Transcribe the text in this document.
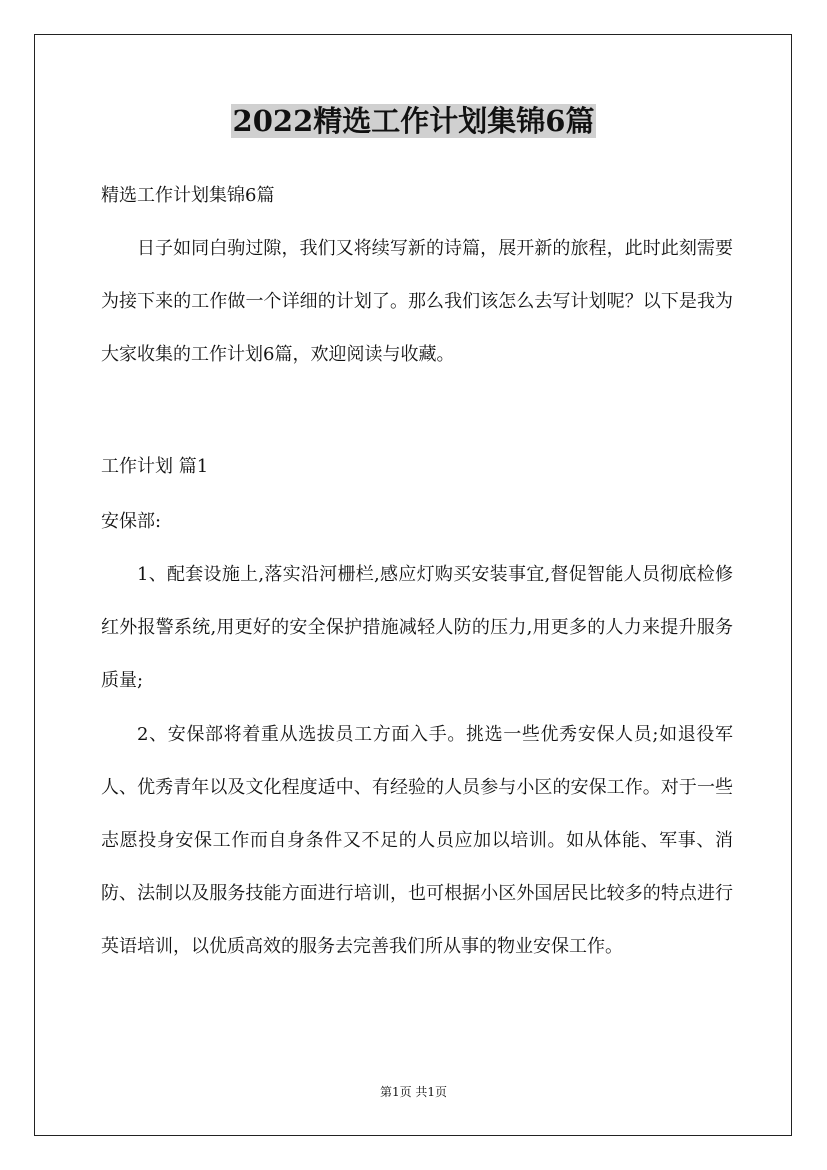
2022精选工作计划集锦6篇
精选工作计划集锦6篇
日子如同白驹过隙，我们又将续写新的诗篇，展开新的旅程，此时此刻需要为接下来的工作做一个详细的计划了。那么我们该怎么去写计划呢？以下是我为大家收集的工作计划6篇，欢迎阅读与收藏。
工作计划 篇1
安保部:
1、配套设施上,落实沿河栅栏,感应灯购买安装事宜,督促智能人员彻底检修红外报警系统,用更好的安全保护措施减轻人防的压力,用更多的人力来提升服务质量;
2、安保部将着重从选拔员工方面入手。挑选一些优秀安保人员;如退役军人、优秀青年以及文化程度适中、有经验的人员参与小区的安保工作。对于一些志愿投身安保工作而自身条件又不足的人员应加以培训。如从体能、军事、消防、法制以及服务技能方面进行培训，也可根据小区外国居民比较多的特点进行英语培训，以优质高效的服务去完善我们所从事的物业安保工作。
第1页 共1页
